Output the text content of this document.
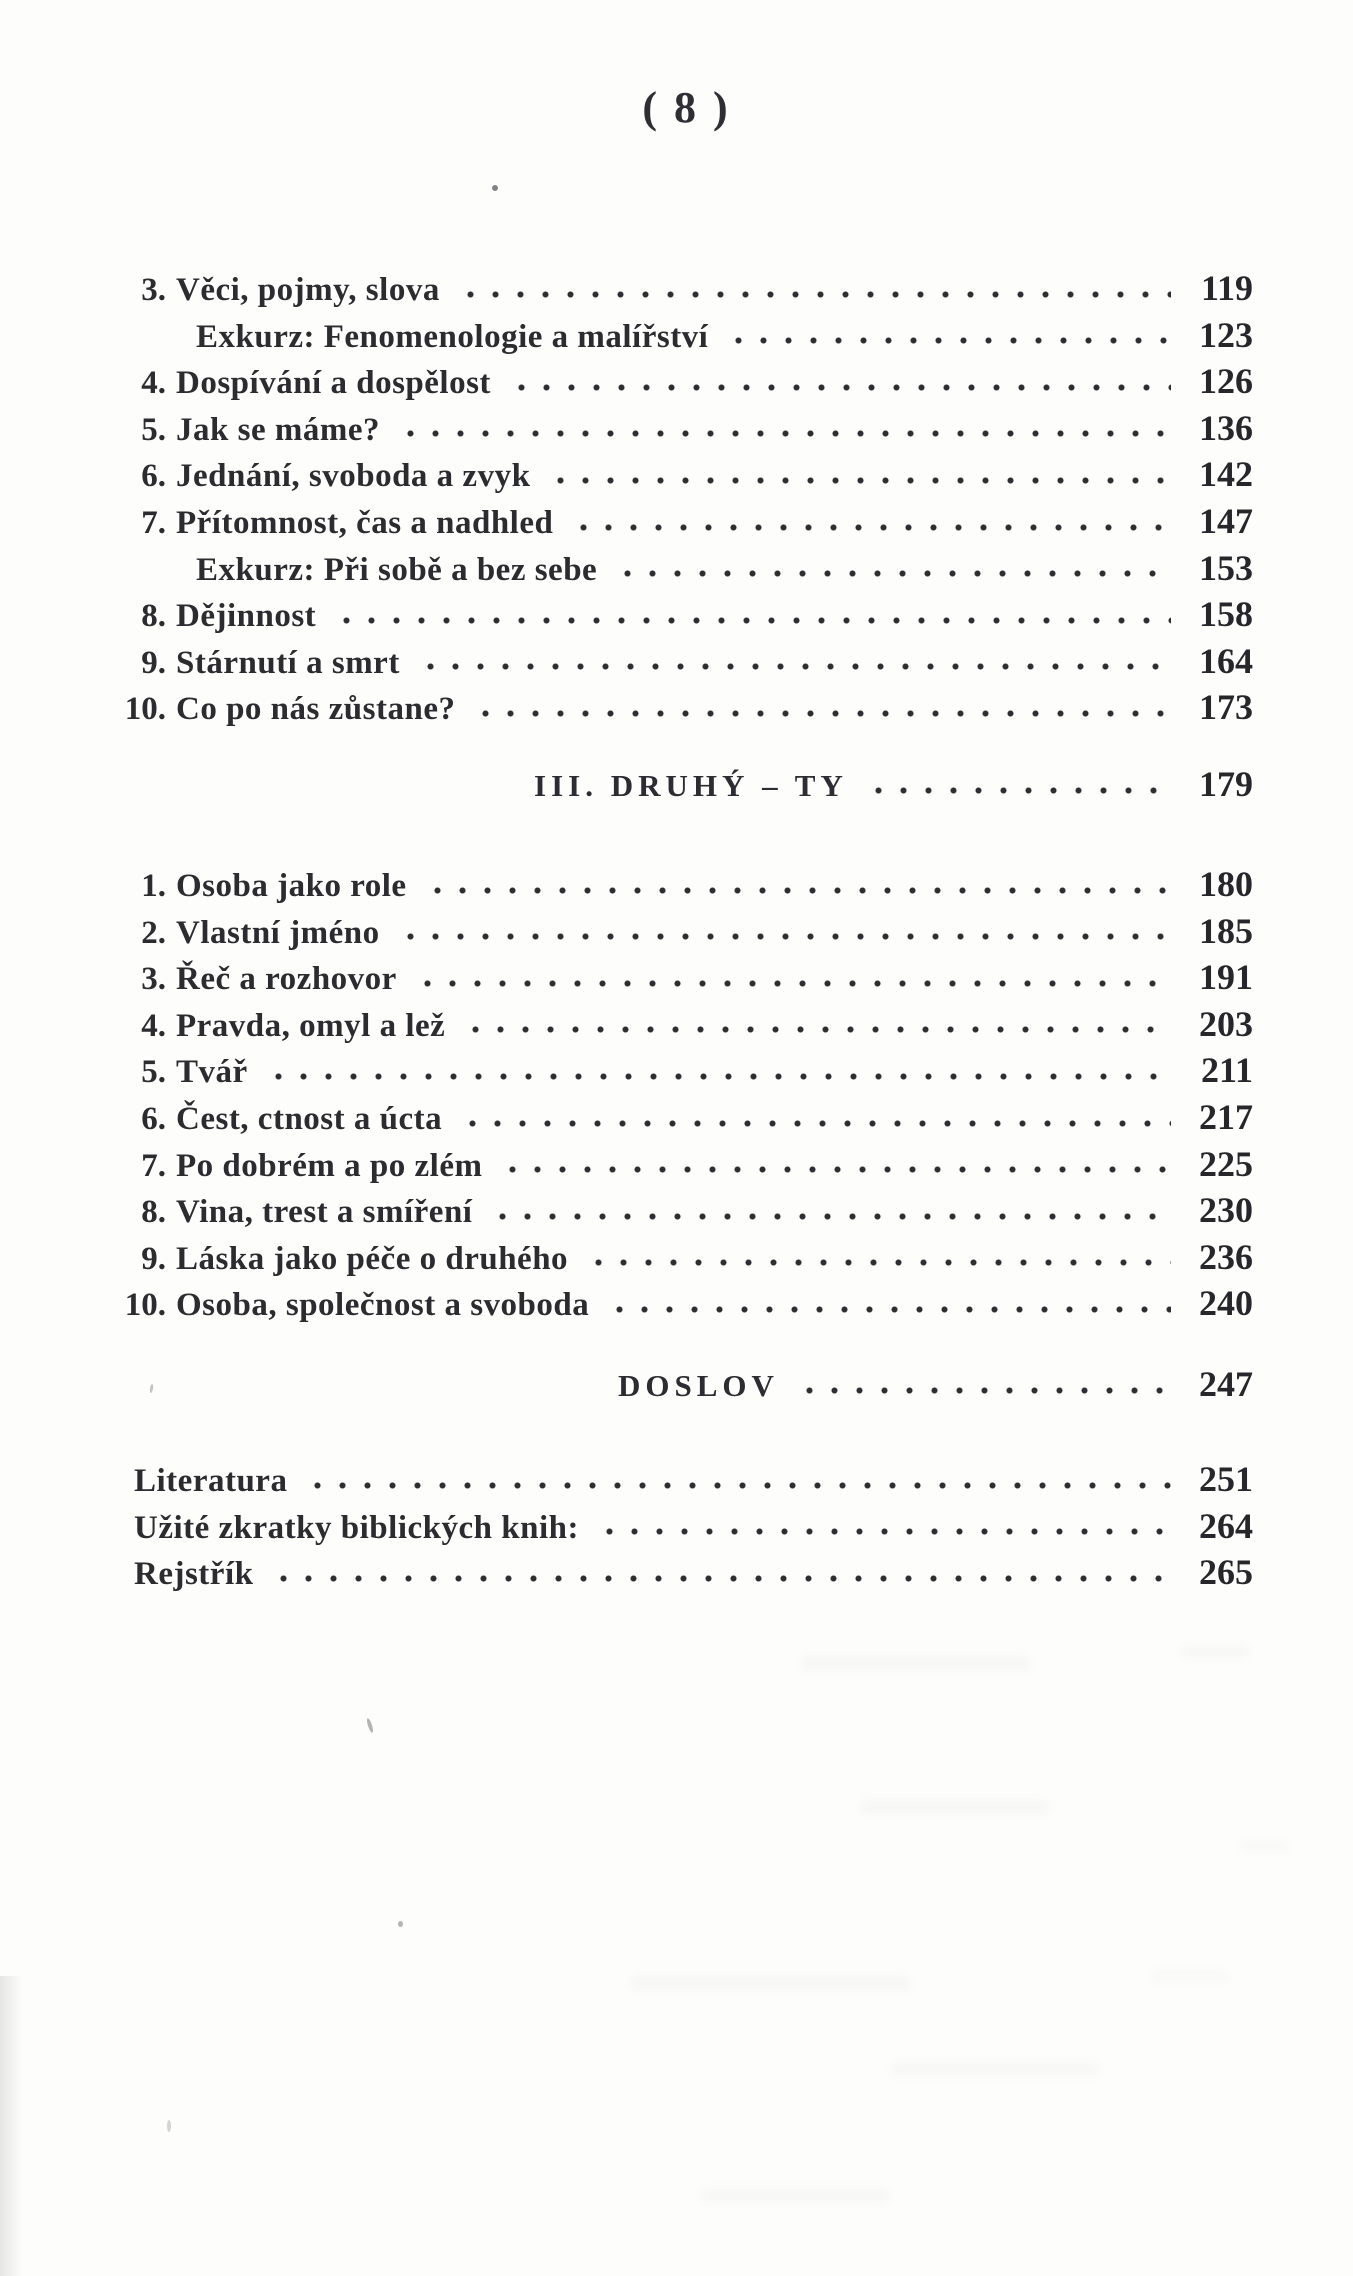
( 8 )
3. Věci, pojmy, slova	119
Exkurz: Fenomenologie a malířství	123
4. Dospívání a dospělost	126
5. Jak se máme?	136
6. Jednání, svoboda a zvyk	142
7. Přítomnost, čas a nadhled	147
Exkurz: Při sobě a bez sebe	153
8. Dějinnost	158
9. Stárnutí a smrt	164
10. Co po nás zůstane?	173
III. DRUHÝ – TY	179
1. Osoba jako role	180
2. Vlastní jméno	185
3. Řeč a rozhovor	191
4. Pravda, omyl a lež	203
5. Tvář	211
6. Čest, ctnost a úcta	217
7. Po dobrém a po zlém	225
8. Vina, trest a smíření	230
9. Láska jako péče o druhého	236
10. Osoba, společnost a svoboda	240
DOSLOV	247
Literatura	251
Užité zkratky biblických knih:	264
Rejstřík	265
